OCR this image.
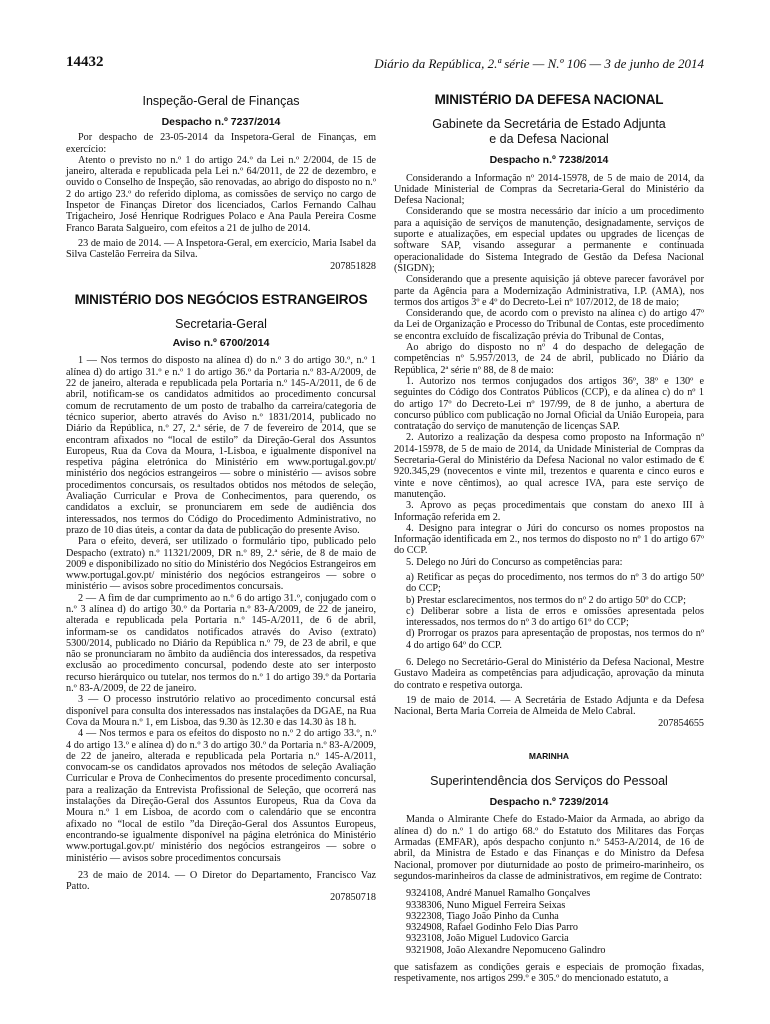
14432	Diário da República, 2.ª série — N.º 106 — 3 de junho de 2014

Inspeção-Geral de Finanças

Despacho n.º 7237/2014

Por despacho de 23-05-2014 da Inspetora-Geral de Finanças, em exercício:

Atento o previsto no n.º 1 do artigo 24.º da Lei n.º 2/2004, de 15 de janeiro, alterada e republicada pela Lei n.º 64/2011, de 22 de dezembro, e ouvido o Conselho de Inspeção, são renovadas, ao abrigo do disposto no n.º 2 do artigo 23.º do referido diploma, as comissões de serviço no cargo de Inspetor de Finanças Diretor dos licenciados, Carlos Fernando Calhau Trigacheiro, José Henrique Rodrigues Polaco e Ana Paula Pereira Cosme Franco Barata Salgueiro, com efeitos a 21 de julho de 2014.

23 de maio de 2014. — A Inspetora-Geral, em exercício, Maria Isabel da Silva Castelão Ferreira da Silva.

207851828

MINISTÉRIO DOS NEGÓCIOS ESTRANGEIROS

Secretaria-Geral

Aviso n.º 6700/2014

1 — Nos termos do disposto na alínea d) do n.º 3 do artigo 30.º, n.º 1 alínea d) do artigo 31.º e n.º 1 do artigo 36.º da Portaria n.º 83-A/2009, de 22 de janeiro, alterada e republicada pela Portaria n.º 145-A/2011, de 6 de abril, notificam-se os candidatos admitidos ao procedimento concursal comum de recrutamento de um posto de trabalho da carreira/categoria de técnico superior, aberto através do Aviso n.º 1831/2014, publicado no Diário da República, n.º 27, 2.ª série, de 7 de fevereiro de 2014, que se encontram afixados no “local de estilo” da Direção-Geral dos Assuntos Europeus, Rua da Cova da Moura, 1-Lisboa, e igualmente disponível na respetiva página eletrónica do Ministério em www.portugal.gov.pt/ ministério dos negócios estrangeiros — sobre o ministério — avisos sobre procedimentos concursais, os resultados obtidos nos métodos de seleção, Avaliação Curricular e Prova de Conhecimentos, para querendo, os candidatos a excluir, se pronunciarem em sede de audiência dos interessados, nos termos do Código do Procedimento Administrativo, no prazo de 10 dias úteis, a contar da data de publicação do presente Aviso.

Para o efeito, deverá, ser utilizado o formulário tipo, publicado pelo Despacho (extrato) n.º 11321/2009, DR n.º 89, 2.ª série, de 8 de maio de 2009 e disponibilizado no sítio do Ministério dos Negócios Estrangeiros em www.portugal.gov.pt/ ministério dos negócios estrangeiros — sobre o ministério — avisos sobre procedimentos concursais.

2 — A fim de dar cumprimento ao n.º 6 do artigo 31.º, conjugado com o n.º 3 alínea d) do artigo 30.º da Portaria n.º 83-A/2009, de 22 de janeiro, alterada e republicada pela Portaria n.º 145-A/2011, de 6 de abril, informam-se os candidatos notificados através do Aviso (extrato) 5300/2014, publicado no Diário da República n.º 79, de 23 de abril, e que não se pronunciaram no âmbito da audiência dos interessados, da respetiva exclusão ao procedimento concursal, podendo deste ato ser interposto recurso hierárquico ou tutelar, nos termos do n.º 1 do artigo 39.º da Portaria n.º 83-A/2009, de 22 de janeiro.

3 — O processo instrutório relativo ao procedimento concursal está disponível para consulta dos interessados nas instalações da DGAE, na Rua Cova da Moura n.º 1, em Lisboa, das 9.30 às 12.30 e das 14.30 às 18 h.

4 — Nos termos e para os efeitos do disposto no n.º 2 do artigo 33.º, n.º 4 do artigo 13.º e alínea d) do n.º 3 do artigo 30.º da Portaria n.º 83-A/2009, de 22 de janeiro, alterada e republicada pela Portaria n.º 145-A/2011, convocam-se os candidatos aprovados nos métodos de seleção Avaliação Curricular e Prova de Conhecimentos do presente procedimento concursal, para a realização da Entrevista Profissional de Seleção, que ocorrerá nas instalações da Direção-Geral dos Assuntos Europeus, Rua da Cova da Moura n.º 1 em Lisboa, de acordo com o calendário que se encontra afixado no “local de estilo ”da Direção-Geral dos Assuntos Europeus, encontrando-se igualmente disponível na página eletrónica do Ministério www.portugal.gov.pt/ ministério dos negócios estrangeiros — sobre o ministério — avisos sobre procedimentos concursais

23 de maio de 2014. — O Diretor do Departamento, Francisco Vaz Patto.

207850718

MINISTÉRIO DA DEFESA NACIONAL

Gabinete da Secretária de Estado Adjunta

e da Defesa Nacional

Despacho n.º 7238/2014

Considerando a Informação nº 2014-15978, de 5 de maio de 2014, da Unidade Ministerial de Compras da Secretaria-Geral do Ministério da Defesa Nacional;

Considerando que se mostra necessário dar início a um procedimento para a aquisição de serviços de manutenção, designadamente, serviços de suporte e atualizações, em especial updates ou upgrades de licenças de software SAP, visando assegurar a permanente e continuada operacionalidade do Sistema Integrado de Gestão da Defesa Nacional (SIGDN);

Considerando que a presente aquisição já obteve parecer favorável por parte da Agência para a Modernização Administrativa, I.P. (AMA), nos termos dos artigos 3º e 4º do Decreto-Lei nº 107/2012, de 18 de maio;

Considerando que, de acordo com o previsto na alínea c) do artigo 47º da Lei de Organização e Processo do Tribunal de Contas, este procedimento se encontra excluído de fiscalização prévia do Tribunal de Contas,

Ao abrigo do disposto no nº 4 do despacho de delegação de competências nº 5.957/2013, de 24 de abril, publicado no Diário da República, 2ª série nº 88, de 8 de maio:

1. Autorizo nos termos conjugados dos artigos 36º, 38º e 130º e seguintes do Código dos Contratos Públicos (CCP), e da alínea c) do nº 1 do artigo 17º do Decreto-Lei nº 197/99, de 8 de junho, a abertura de concurso público com publicação no Jornal Oficial da União Europeia, para contratação do serviço de manutenção de licenças SAP.

2. Autorizo a realização da despesa como proposto na Informação nº 2014-15978, de 5 de maio de 2014, da Unidade Ministerial de Compras da Secretaria-Geral do Ministério da Defesa Nacional no valor estimado de € 920.345,29 (novecentos e vinte mil, trezentos e quarenta e cinco euros e vinte e nove cêntimos), ao qual acresce IVA, para este serviço de manutenção.

3. Aprovo as peças procedimentais que constam do anexo III à Informação referida em 2.

4. Designo para integrar o Júri do concurso os nomes propostos na Informação identificada em 2., nos termos do disposto no nº 1 do artigo 67º do CCP.

5. Delego no Júri do Concurso as competências para:

a) Retificar as peças do procedimento, nos termos do nº 3 do artigo 50º do CCP;
b) Prestar esclarecimentos, nos termos do nº 2 do artigo 50º do CCP;
c) Deliberar sobre a lista de erros e omissões apresentada pelos interessados, nos termos do nº 3 do artigo 61º do CCP;
d) Prorrogar os prazos para apresentação de propostas, nos termos do nº 4 do artigo 64º do CCP.

6. Delego no Secretário-Geral do Ministério da Defesa Nacional, Mestre Gustavo Madeira as competências para adjudicação, aprovação da minuta do contrato e respetiva outorga.

19 de maio de 2014. — A Secretária de Estado Adjunta e da Defesa Nacional, Berta Maria Correia de Almeida de Melo Cabral.

207854655

MARINHA

Superintendência dos Serviços do Pessoal

Despacho n.º 7239/2014

Manda o Almirante Chefe do Estado-Maior da Armada, ao abrigo da alínea d) do n.º 1 do artigo 68.º do Estatuto dos Militares das Forças Armadas (EMFAR), após despacho conjunto n.º 5453-A/2014, de 16 de abril, da Ministra de Estado e das Finanças e do Ministro da Defesa Nacional, promover por diuturnidade ao posto de primeiro-marinheiro, os segundos-marinheiros da classe de administrativos, em regime de Contrato:

9324108, André Manuel Ramalho Gonçalves
9338306, Nuno Miguel Ferreira Seixas
9322308, Tiago João Pinho da Cunha
9324908, Rafael Godinho Felo Dias Parro
9323108, João Miguel Ludovico Garcia
9321908, João Alexandre Nepomuceno Galindro

que satisfazem as condições gerais e especiais de promoção fixadas, respetivamente, nos artigos 299.º e 305.º do mencionado estatuto, a
